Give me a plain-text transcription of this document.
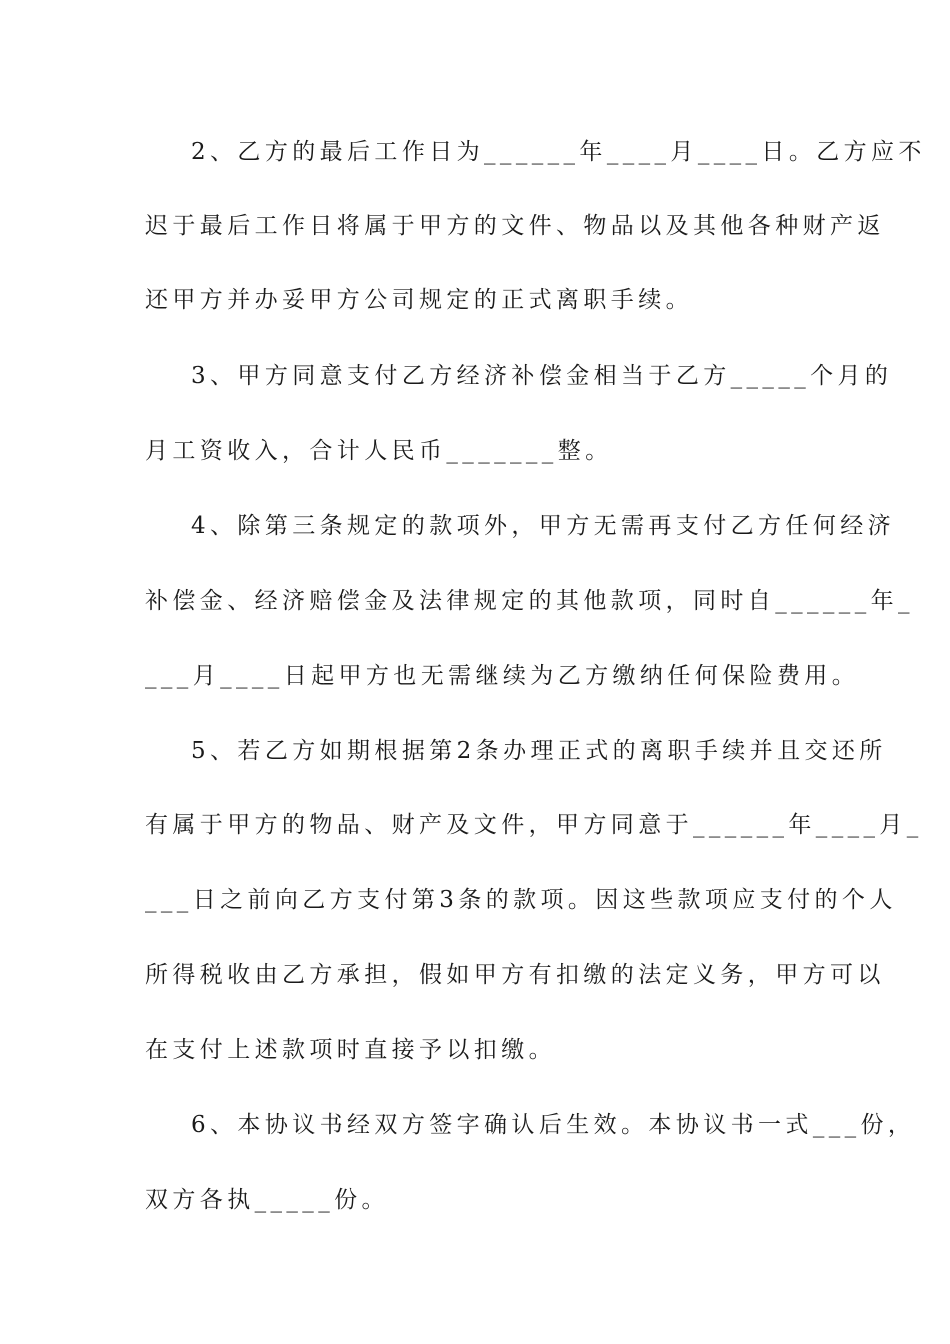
2、乙方的最后工作日为______年____月____日。乙方应不
迟于最后工作日将属于甲方的文件、物品以及其他各种财产返
还甲方并办妥甲方公司规定的正式离职手续。
3、甲方同意支付乙方经济补偿金相当于乙方_____个月的
月工资收入，合计人民币_______整。
4、除第三条规定的款项外，甲方无需再支付乙方任何经济
补偿金、经济赔偿金及法律规定的其他款项，同时自______年_
___月____日起甲方也无需继续为乙方缴纳任何保险费用。
5、若乙方如期根据第2条办理正式的离职手续并且交还所
有属于甲方的物品、财产及文件，甲方同意于______年____月_
___日之前向乙方支付第3条的款项。因这些款项应支付的个人
所得税收由乙方承担，假如甲方有扣缴的法定义务，甲方可以
在支付上述款项时直接予以扣缴。
6、本协议书经双方签字确认后生效。本协议书一式___份，
双方各执_____份。
